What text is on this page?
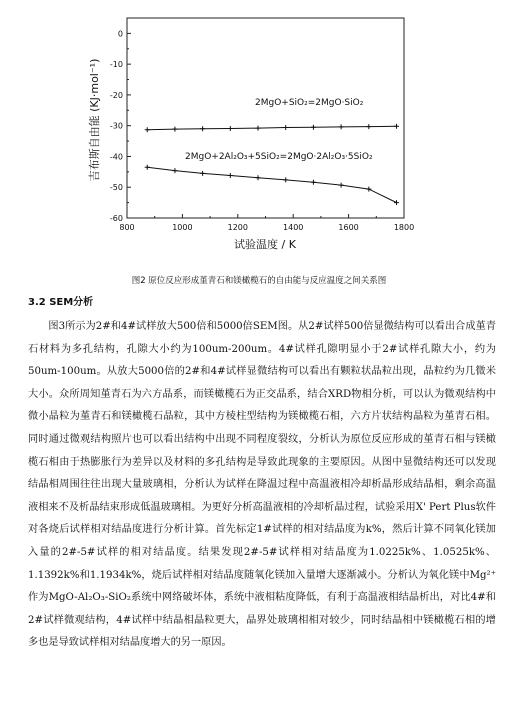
800	1000	1200	1400	1600	1800
0
-10
-20
-30
-40
-50
-60
2MgO+SiO₂=2MgO·SiO₂
2MgO+2Al₂O₃+5SiO₂=2MgO·2Al₂O₃·5SiO₂
试验温度 / K
吉布斯自由能 (KJ·mol⁻¹)
图2 原位反应形成堇青石和镁橄榄石的自由能与反应温度之间关系图
3.2 SEM分析

图3所示为2#和4#试样放大500倍和5000倍SEM图。从2#试样500倍显微结构可以看出合成堇青石材料为多孔结构，孔隙大小约为100um-200um。4#试样孔隙明显小于2#试样孔隙大小，约为50um-100um。从放大5000倍的2#和4#试样显微结构可以看出有颗粒状晶粒出现，晶粒约为几微米大小。众所周知堇青石为六方晶系，而镁橄榄石为正交晶系，结合XRD物相分析，可以认为微观结构中微小晶粒为堇青石和镁橄榄石晶粒，其中方棱柱型结构为镁橄榄石相，六方片状结构晶粒为堇青石相。同时通过微观结构照片也可以看出结构中出现不同程度裂纹，分析认为原位反应形成的堇青石相与镁橄榄石相由于热膨胀行为差异以及材料的多孔结构是导致此现象的主要原因。从图中显微结构还可以发现结晶相周围往往出现大量玻璃相，分析认为试样在降温过程中高温液相冷却析晶形成结晶相，剩余高温液相来不及析晶结束形成低温玻璃相。为更好分析高温液相的冷却析晶过程，试验采用X' Pert Plus软件对各烧后试样相对结晶度进行分析计算。首先标定1#试样的相对结晶度为k%，然后计算不同氧化镁加入量的2#-5#试样的相对结晶度。结果发现2#-5#试样相对结晶度为1.0225k%、1.0525k%、1.1392k%和1.1934k%，烧后试样相对结晶度随氧化镁加入量增大逐渐减小。分析认为氧化镁中Mg²⁺作为MgO-Al₂O₃-SiO₂系统中网络破坏体，系统中液相粘度降低，有利于高温液相结晶析出，对比4#和2#试样微观结构，4#试样中结晶相晶粒更大，晶界处玻璃相相对较少，同时结晶相中镁橄榄石相的增多也是导致试样相对结晶度增大的另一原因。
